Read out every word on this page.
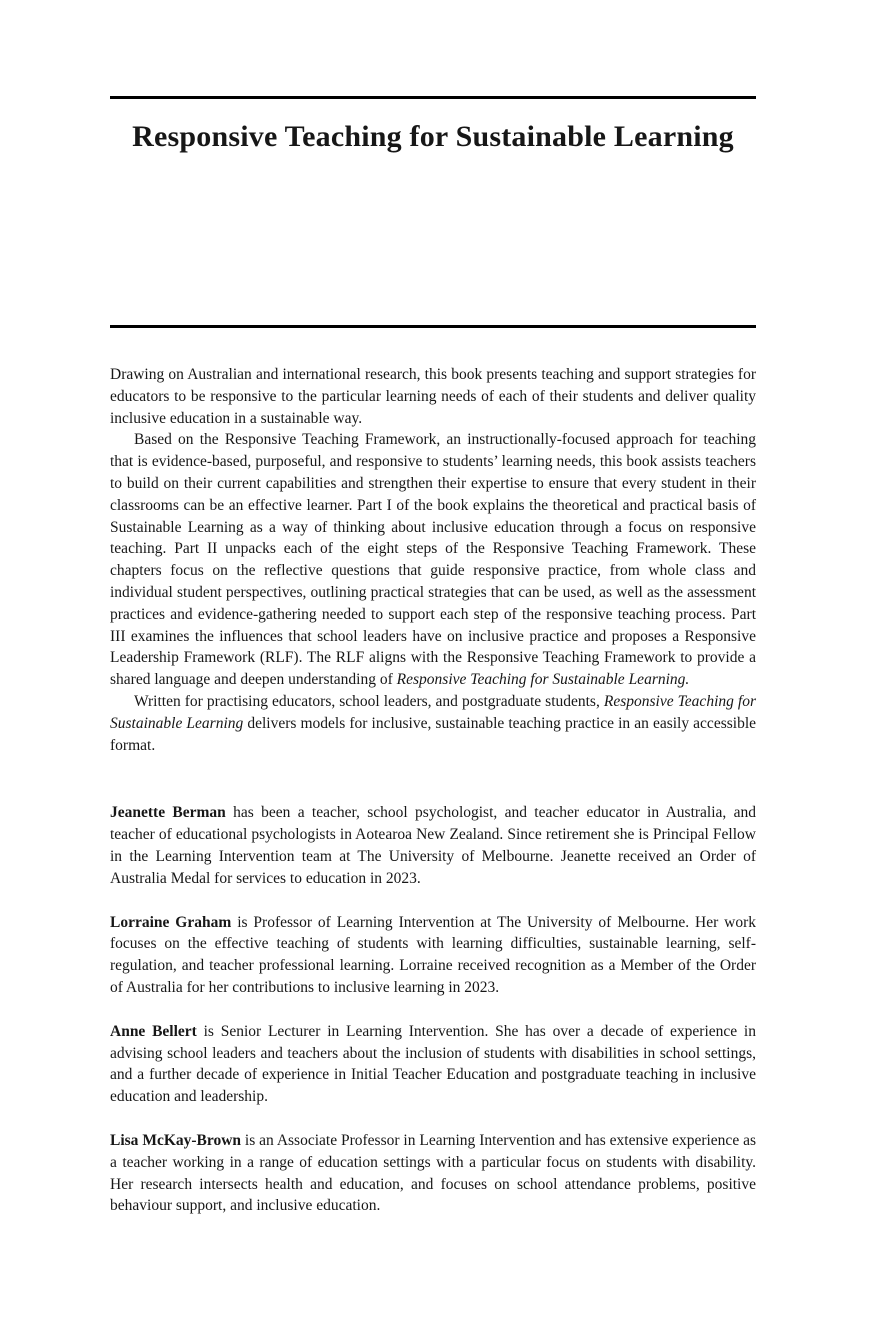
Responsive Teaching for Sustainable Learning

Drawing on Australian and international research, this book presents teaching and support strategies for educators to be responsive to the particular learning needs of each of their students and deliver quality inclusive education in a sustainable way.

Based on the Responsive Teaching Framework, an instructionally-focused approach for teaching that is evidence-based, purposeful, and responsive to students’ learning needs, this book assists teachers to build on their current capabilities and strengthen their expertise to ensure that every student in their classrooms can be an effective learner. Part I of the book explains the theoretical and practical basis of Sustainable Learning as a way of thinking about inclusive education through a focus on responsive teaching. Part II unpacks each of the eight steps of the Responsive Teaching Framework. These chapters focus on the reflective questions that guide responsive practice, from whole class and individual student perspectives, outlining practical strategies that can be used, as well as the assessment practices and evidence-gathering needed to support each step of the responsive teaching process. Part III examines the influences that school leaders have on inclusive practice and proposes a Responsive Leadership Framework (RLF). The RLF aligns with the Responsive Teaching Framework to provide a shared language and deepen understanding of Responsive Teaching for Sustainable Learning.

Written for practising educators, school leaders, and postgraduate students, Responsive Teaching for Sustainable Learning delivers models for inclusive, sustainable teaching practice in an easily accessible format.

Jeanette Berman has been a teacher, school psychologist, and teacher educator in Australia, and teacher of educational psychologists in Aotearoa New Zealand. Since retirement she is Principal Fellow in the Learning Intervention team at The University of Melbourne. Jeanette received an Order of Australia Medal for services to education in 2023.

Lorraine Graham is Professor of Learning Intervention at The University of Melbourne. Her work focuses on the effective teaching of students with learning difficulties, sustainable learning, self-regulation, and teacher professional learning. Lorraine received recognition as a Member of the Order of Australia for her contributions to inclusive learning in 2023.

Anne Bellert is Senior Lecturer in Learning Intervention. She has over a decade of experience in advising school leaders and teachers about the inclusion of students with disabilities in school settings, and a further decade of experience in Initial Teacher Education and postgraduate teaching in inclusive education and leadership.

Lisa McKay-Brown is an Associate Professor in Learning Intervention and has extensive experience as a teacher working in a range of education settings with a particular focus on students with disability. Her research intersects health and education, and focuses on school attendance problems, positive behaviour support, and inclusive education.
